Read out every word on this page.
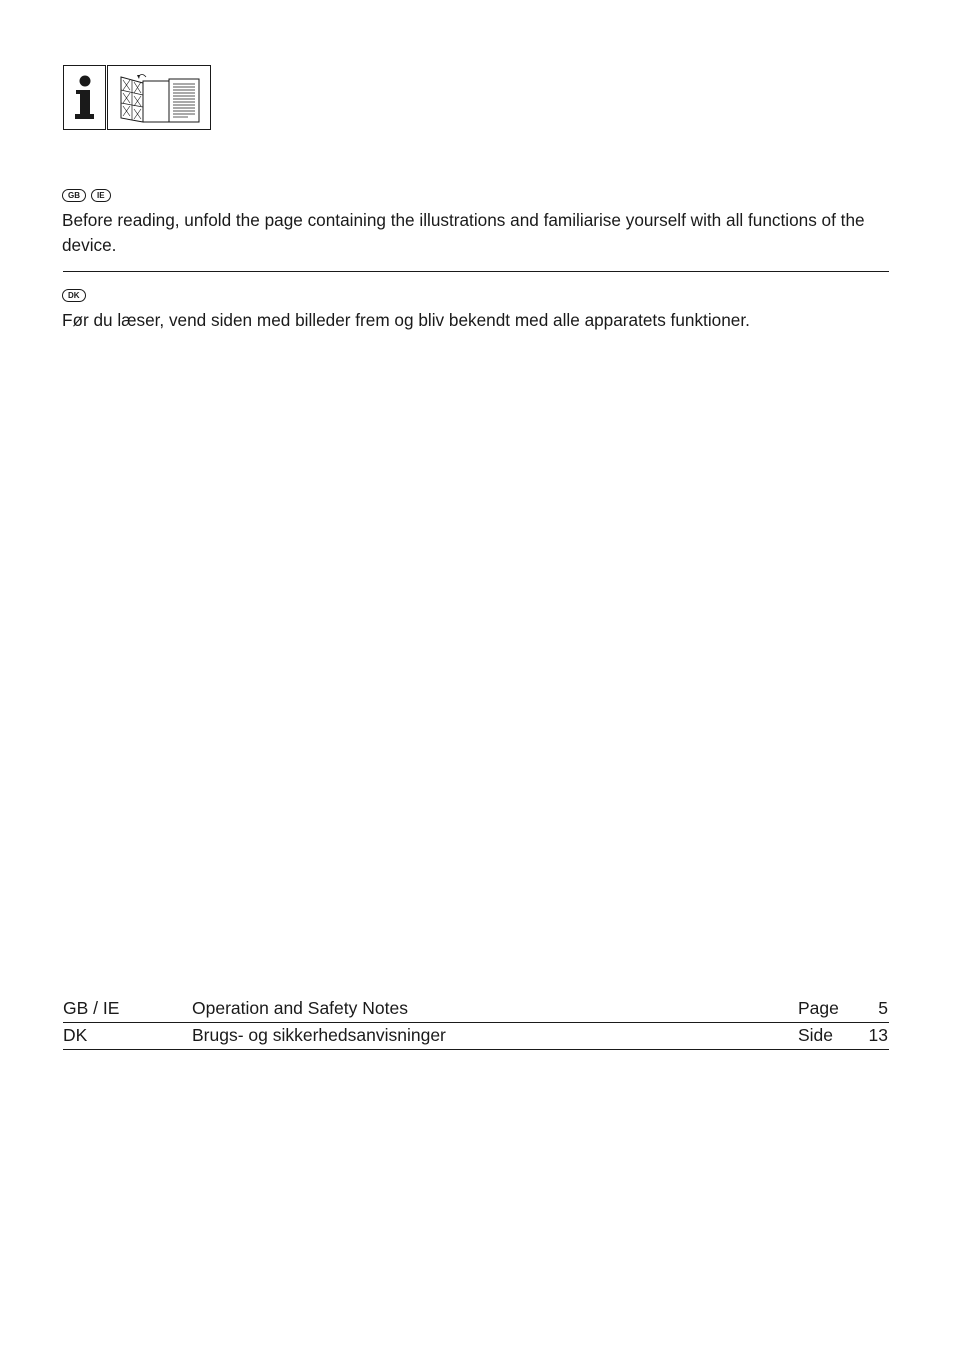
GB	IE

Before reading, unfold the page containing the illustrations and familiarise yourself with all functions of the device.

DK

Før du læser, vend siden med billeder frem og bliv bekendt med alle apparatets funktioner.

GB / IE	Operation and Safety Notes	Page 5
DK	Brugs- og sikkerhedsanvisninger	Side 13
